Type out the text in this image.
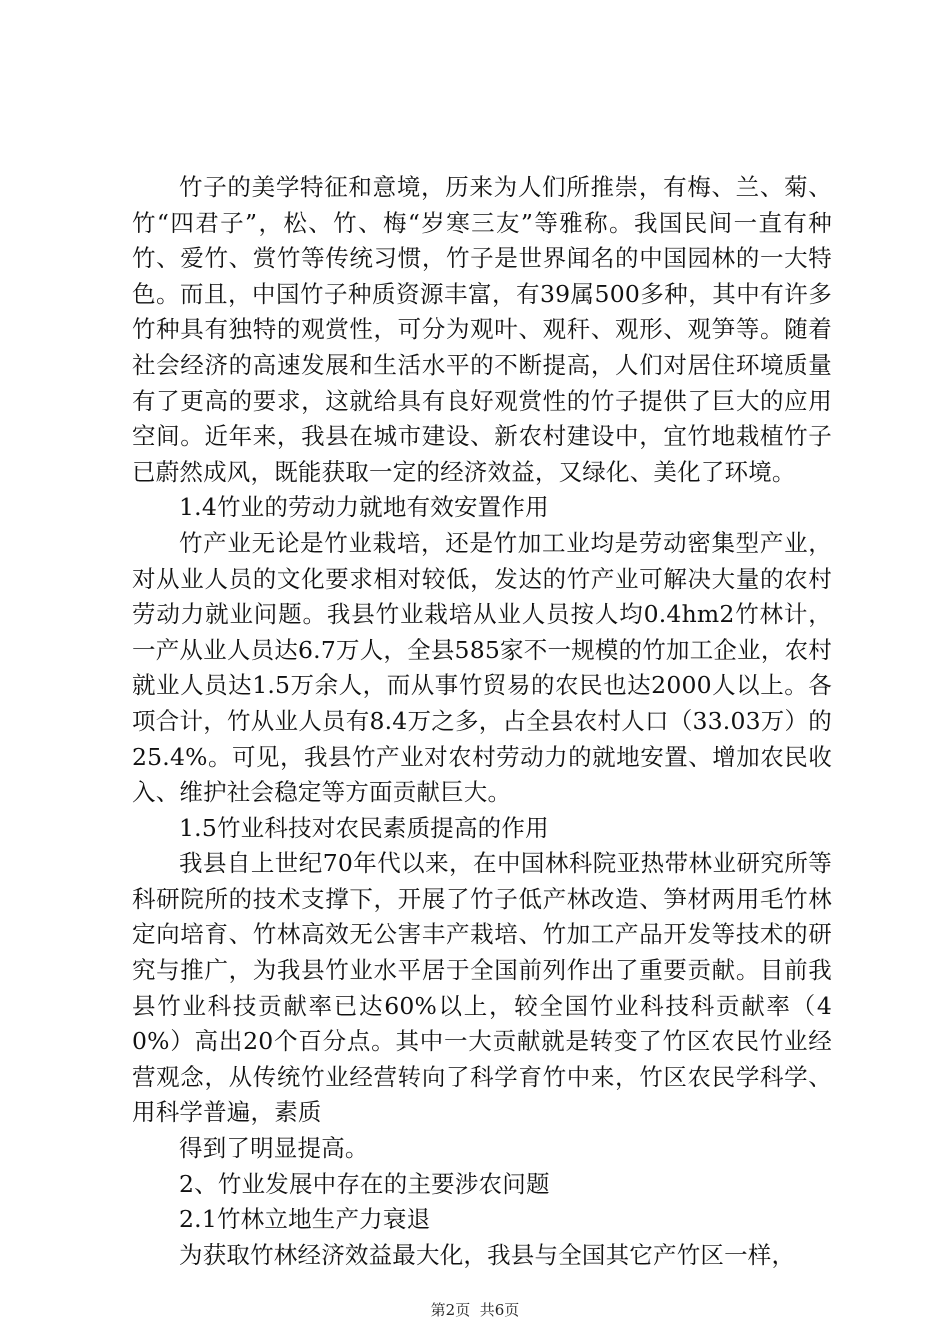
竹子的美学特征和意境，历来为人们所推崇，有梅、兰、菊、竹“四君子”，松、竹、梅“岁寒三友”等雅称。我国民间一直有种竹、爱竹、赏竹等传统习惯，竹子是世界闻名的中国园林的一大特色。而且，中国竹子种质资源丰富，有39属500多种，其中有许多竹种具有独特的观赏性，可分为观叶、观秆、观形、观笋等。随着社会经济的高速发展和生活水平的不断提高，人们对居住环境质量有了更高的要求，这就给具有良好观赏性的竹子提供了巨大的应用空间。近年来，我县在城市建设、新农村建设中，宜竹地栽植竹子已蔚然成风，既能获取一定的经济效益，又绿化、美化了环境。

1.4竹业的劳动力就地有效安置作用

竹产业无论是竹业栽培，还是竹加工业均是劳动密集型产业，对从业人员的文化要求相对较低，发达的竹产业可解决大量的农村劳动力就业问题。我县竹业栽培从业人员按人均0.4hm2竹林计，一产从业人员达6.7万人，全县585家不一规模的竹加工企业，农村就业人员达1.5万余人，而从事竹贸易的农民也达2000人以上。各项合计，竹从业人员有8.4万之多，占全县农村人口（33.03万）的25.4%。可见，我县竹产业对农村劳动力的就地安置、增加农民收入、维护社会稳定等方面贡献巨大。

1.5竹业科技对农民素质提高的作用

我县自上世纪70年代以来，在中国林科院亚热带林业研究所等科研院所的技术支撑下，开展了竹子低产林改造、笋材两用毛竹林定向培育、竹林高效无公害丰产栽培、竹加工产品开发等技术的研究与推广，为我县竹业水平居于全国前列作出了重要贡献。目前我县竹业科技贡献率已达60%以上，较全国竹业科技科贡献率（40%）高出20个百分点。其中一大贡献就是转变了竹区农民竹业经营观念，从传统竹业经营转向了科学育竹中来，竹区农民学科学、用科学普遍，素质

得到了明显提高。

2、竹业发展中存在的主要涉农问题

2.1竹林立地生产力衰退

为获取竹林经济效益最大化，我县与全国其它产竹区一样，

第2页 共6页
